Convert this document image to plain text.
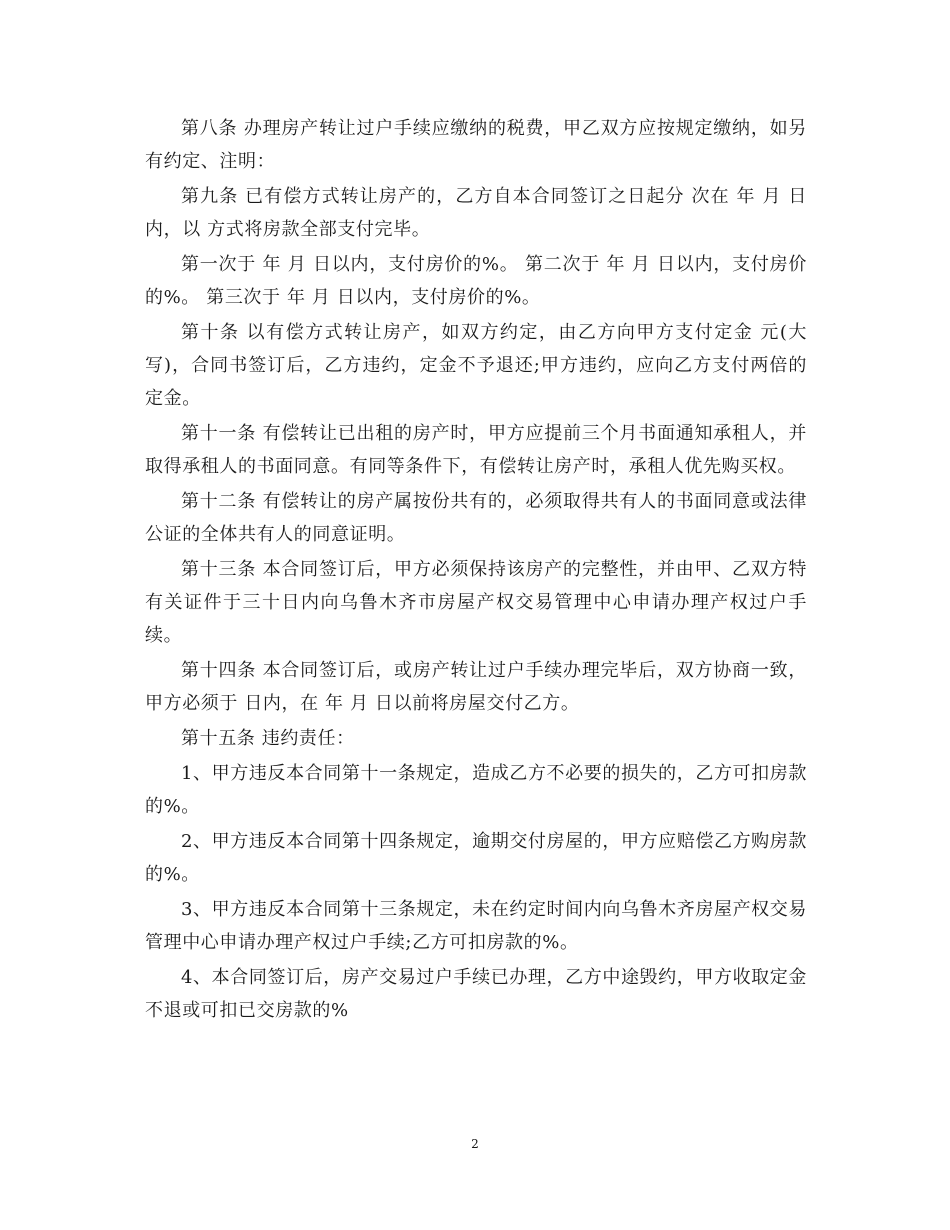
第八条 办理房产转让过户手续应缴纳的税费，甲乙双方应按规定缴纳，如另有约定、注明：

第九条 已有偿方式转让房产的，乙方自本合同签订之日起分 次在 年 月 日内，以 方式将房款全部支付完毕。

第一次于 年 月 日以内，支付房价的%。 第二次于 年 月 日以内，支付房价的%。 第三次于 年 月 日以内，支付房价的%。

第十条 以有偿方式转让房产，如双方约定，由乙方向甲方支付定金 元(大写)，合同书签订后，乙方违约，定金不予退还;甲方违约，应向乙方支付两倍的定金。

第十一条 有偿转让已出租的房产时，甲方应提前三个月书面通知承租人，并取得承租人的书面同意。有同等条件下，有偿转让房产时，承租人优先购买权。

第十二条 有偿转让的房产属按份共有的，必须取得共有人的书面同意或法律公证的全体共有人的同意证明。

第十三条 本合同签订后，甲方必须保持该房产的完整性，并由甲、乙双方特有关证件于三十日内向乌鲁木齐市房屋产权交易管理中心申请办理产权过户手续。

第十四条 本合同签订后，或房产转让过户手续办理完毕后，双方协商一致，甲方必须于 日内，在 年 月 日以前将房屋交付乙方。

第十五条 违约责任：

1、甲方违反本合同第十一条规定，造成乙方不必要的损失的，乙方可扣房款的%。

2、甲方违反本合同第十四条规定，逾期交付房屋的，甲方应赔偿乙方购房款的%。

3、甲方违反本合同第十三条规定，未在约定时间内向乌鲁木齐房屋产权交易管理中心申请办理产权过户手续;乙方可扣房款的%。

4、本合同签订后，房产交易过户手续已办理，乙方中途毁约，甲方收取定金不退或可扣已交房款的%

2
